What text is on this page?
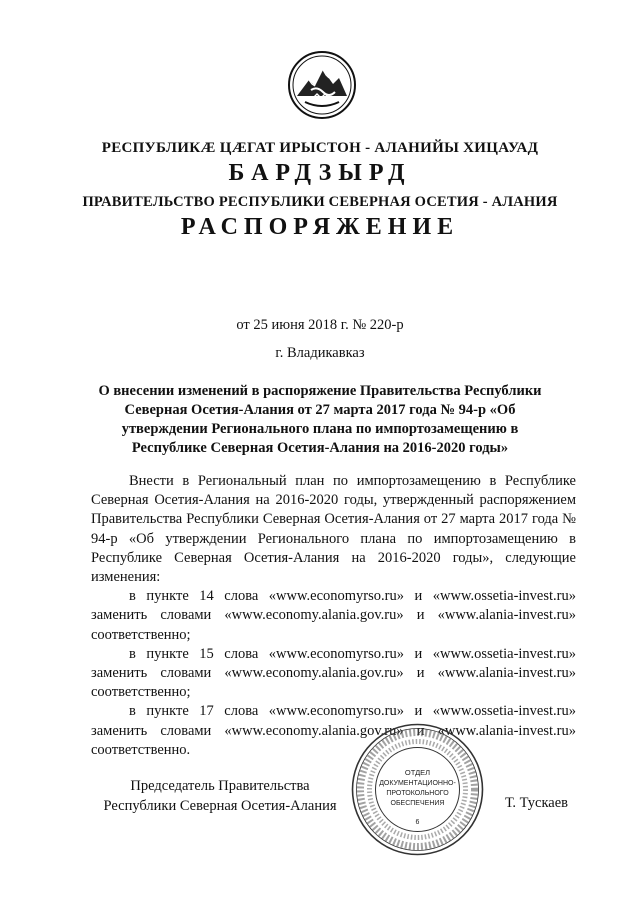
РЕСПУБЛИКӔ ЦӔГАТ ИРЫСТОН - АЛАНИЙЫ ХИЦАУАД
БАРДЗЫРД
ПРАВИТЕЛЬСТВО РЕСПУБЛИКИ СЕВЕРНАЯ ОСЕТИЯ - АЛАНИЯ
РАСПОРЯЖЕНИЕ
от 25 июня 2018 г. № 220-р
г. Владикавказ
О внесении изменений в распоряжение Правительства Республики Северная Осетия-Алания от 27 марта 2017 года № 94-р «Об утверждении Регионального плана по импортозамещению в Республике Северная Осетия-Алания на 2016-2020 годы»

Внести в Региональный план по импортозамещению в Республике Северная Осетия-Алания на 2016-2020 годы, утвержденный распоряжением Правительства Республики Северная Осетия-Алания от 27 марта 2017 года № 94-р «Об утверждении Регионального плана по импортозамещению в Республике Северная Осетия-Алания на 2016-2020 годы», следующие изменения:

в пункте 14 слова «www.economyrso.ru» и «www.ossetia-invest.ru» заменить словами «www.economy.alania.gov.ru» и «www.alania-invest.ru» соответственно;

в пункте 15 слова «www.economyrso.ru» и «www.ossetia-invest.ru» заменить словами «www.economy.alania.gov.ru» и «www.alania-invest.ru» соответственно;

в пункте 17 слова «www.economyrso.ru» и «www.ossetia-invest.ru» заменить словами «www.economy.alania.gov.ru» и «www.alania-invest.ru» соответственно.

Председатель Правительства
Республики Северная Осетия-Алания	Т. Тускаев
ОТДЕЛ
ДОКУМЕНТАЦИОННО-
ПРОТОКОЛЬНОГО
ОБЕСПЕЧЕНИЯ
6
